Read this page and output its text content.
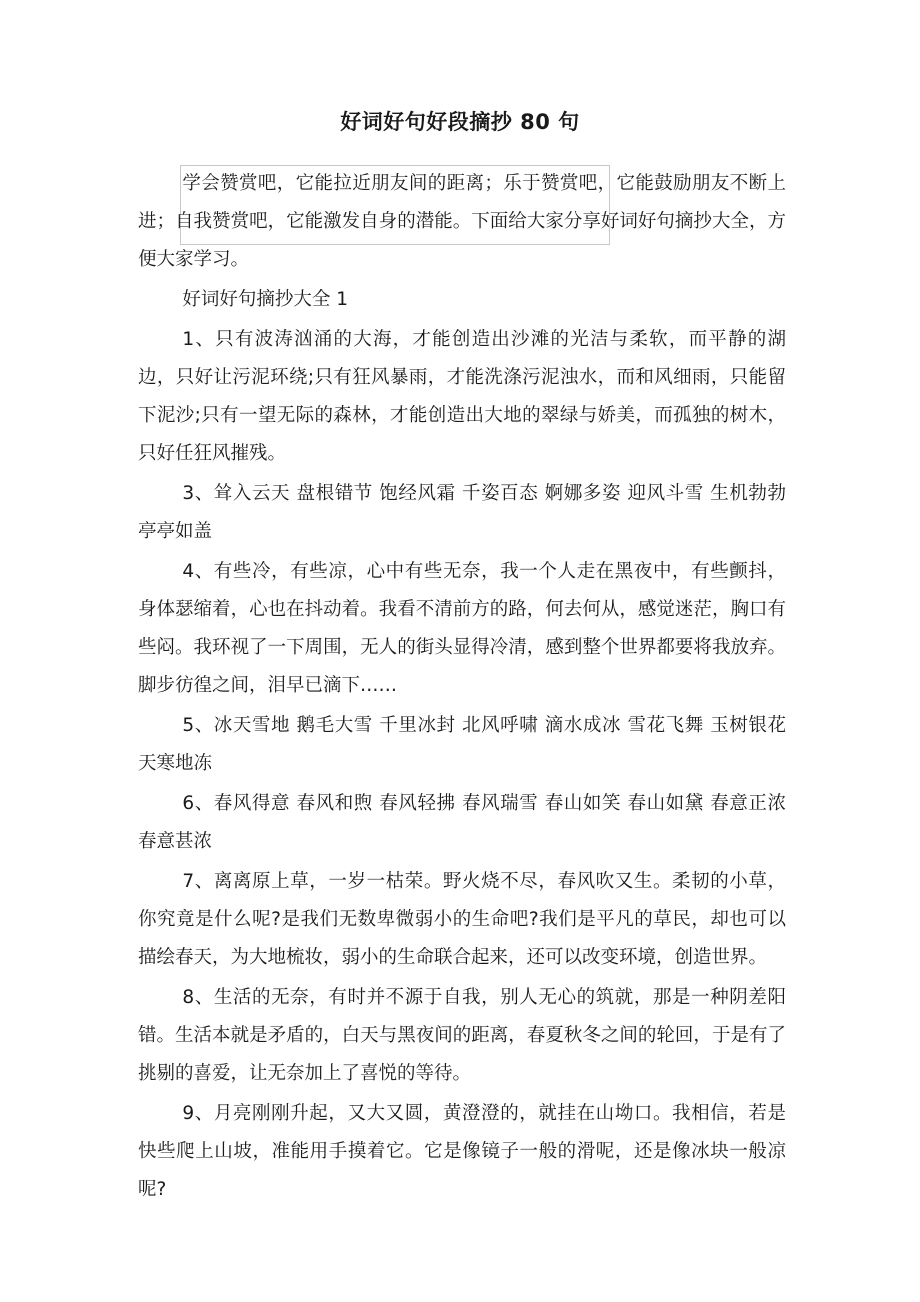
好词好句好段摘抄 80 句

学会赞赏吧，它能拉近朋友间的距离；乐于赞赏吧，它能鼓励朋友不断上进；自我赞赏吧，它能激发自身的潜能。下面给大家分享好词好句摘抄大全，方便大家学习。

好词好句摘抄大全 1

1、只有波涛汹涌的大海，才能创造出沙滩的光洁与柔软，而平静的湖边，只好让污泥环绕;只有狂风暴雨，才能洗涤污泥浊水，而和风细雨，只能留下泥沙;只有一望无际的森林，才能创造出大地的翠绿与娇美，而孤独的树木，只好任狂风摧残。

3、耸入云天 盘根错节 饱经风霜 千姿百态 婀娜多姿 迎风斗雪 生机勃勃 亭亭如盖

4、有些冷，有些凉，心中有些无奈，我一个人走在黑夜中，有些颤抖，身体瑟缩着，心也在抖动着。我看不清前方的路，何去何从，感觉迷茫，胸口有些闷。我环视了一下周围，无人的街头显得冷清，感到整个世界都要将我放弃。脚步彷徨之间，泪早已滴下……

5、冰天雪地 鹅毛大雪 千里冰封 北风呼啸 滴水成冰 雪花飞舞 玉树银花 天寒地冻

6、春风得意 春风和煦 春风轻拂 春风瑞雪 春山如笑 春山如黛 春意正浓 春意甚浓

7、离离原上草，一岁一枯荣。野火烧不尽，春风吹又生。柔韧的小草，你究竟是什么呢?是我们无数卑微弱小的生命吧?我们是平凡的草民，却也可以描绘春天，为大地梳妆，弱小的生命联合起来，还可以改变环境，创造世界。

8、生活的无奈，有时并不源于自我，别人无心的筑就，那是一种阴差阳错。生活本就是矛盾的，白天与黑夜间的距离，春夏秋冬之间的轮回，于是有了挑剔的喜爱，让无奈加上了喜悦的等待。

9、月亮刚刚升起，又大又圆，黄澄澄的，就挂在山坳口。我相信，若是快些爬上山坡，准能用手摸着它。它是像镜子一般的滑呢，还是像冰块一般凉呢?
